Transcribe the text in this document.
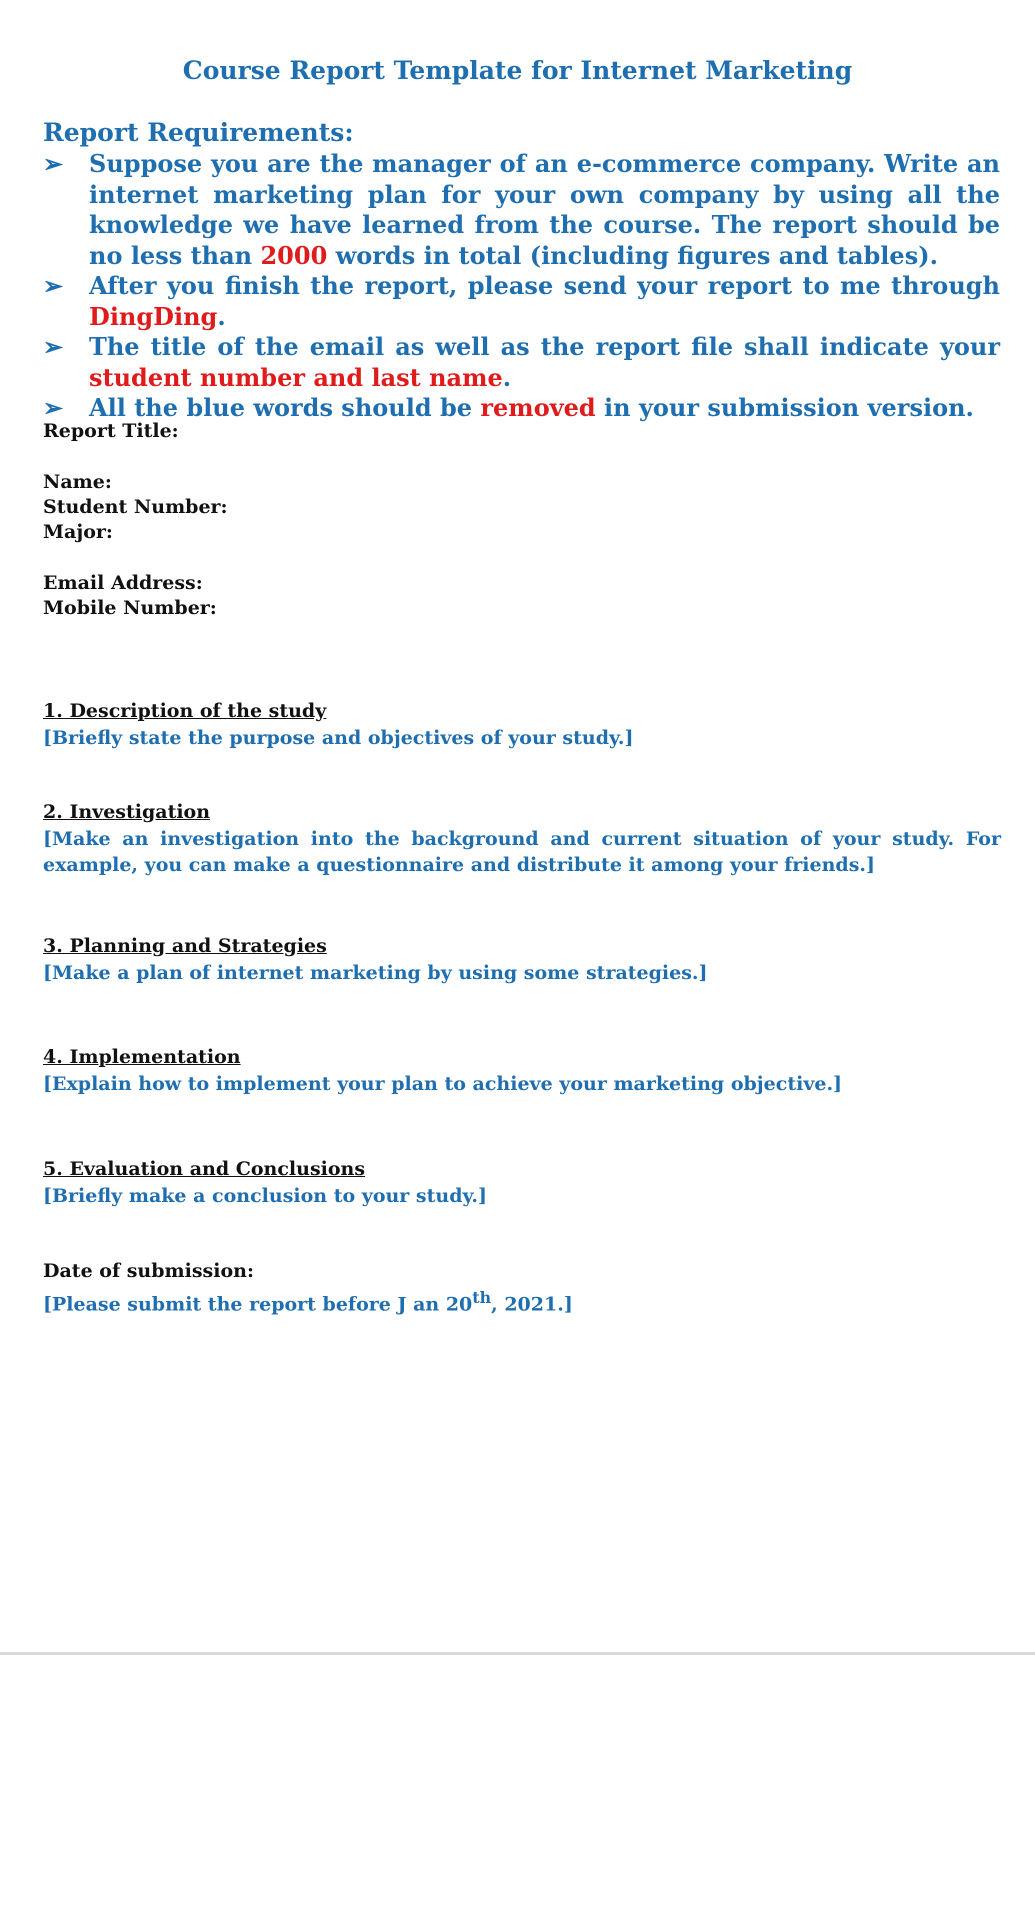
Course Report Template for Internet Marketing
Report Requirements:
➢ Suppose you are the manager of an e-commerce company. Write an internet marketing plan for your own company by using all the knowledge we have learned from the course. The report should be no less than 2000 words in total (including figures and tables).
➢ After you finish the report, please send your report to me through DingDing.
➢ The title of the email as well as the report file shall indicate your student number and last name.
➢ All the blue words should be removed in your submission version.

Report Title:

Name:

Student Number:

Major:

Email Address:

Mobile Number:

1. Description of the study

[Briefly state the purpose and objectives of your study.]

2. Investigation

[Make an investigation into the background and current situation of your study. For example, you can make a questionnaire and distribute it among your friends.]

3. Planning and Strategies

[Make a plan of internet marketing by using some strategies.]

4. Implementation

[Explain how to implement your plan to achieve your marketing objective.]

5. Evaluation and Conclusions

[Briefly make a conclusion to your study.]

Date of submission:

[Please submit the report before J an 20th, 2021.]
